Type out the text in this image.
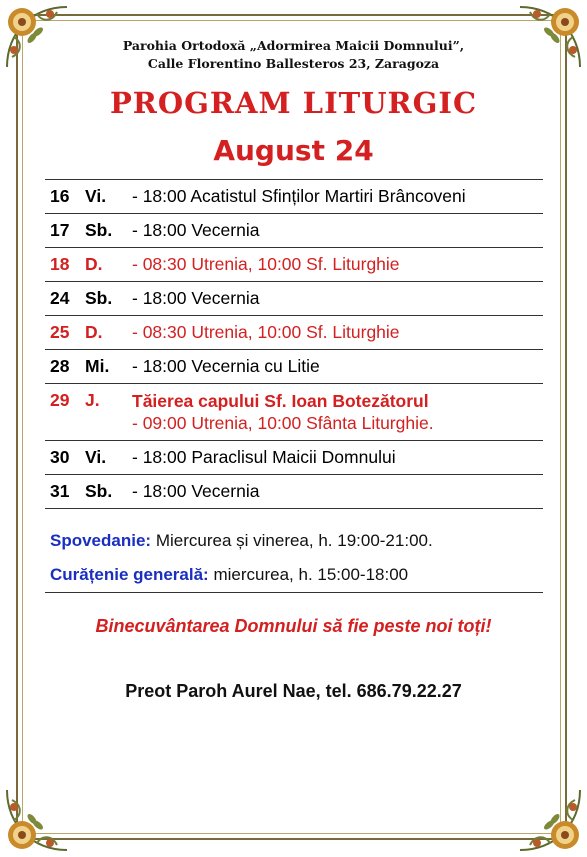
Parohia Ortodoxă „Adormirea Maicii Domnului”,
Calle Florentino Ballesteros 23, Zaragoza
PROGRAM LITURGIC
August 24
16	Vi.	- 18:00 Acatistul Sfinților Martiri Brâncoveni
17	Sb.	- 18:00 Vecernia
18	D.	- 08:30 Utrenia, 10:00 Sf. Liturghie
24	Sb.	- 18:00 Vecernia
25	D.	- 08:30 Utrenia, 10:00 Sf. Liturghie
28	Mi.	- 18:00 Vecernia cu Litie
29	J.	Tăierea capului Sf. Ioan Botezătorul
- 09:00 Utrenia, 10:00 Sfânta Liturghie.

30	Vi.	- 18:00 Paraclisul Maicii Domnului
31	Sb.	- 18:00 Vecernia
Spovedanie: Miercurea și vinerea, h. 19:00-21:00.
Curățenie generală: miercurea, h. 15:00-18:00
Binecuvântarea Domnului să fie peste noi toți!
Preot Paroh Aurel Nae, tel. 686.79.22.27
